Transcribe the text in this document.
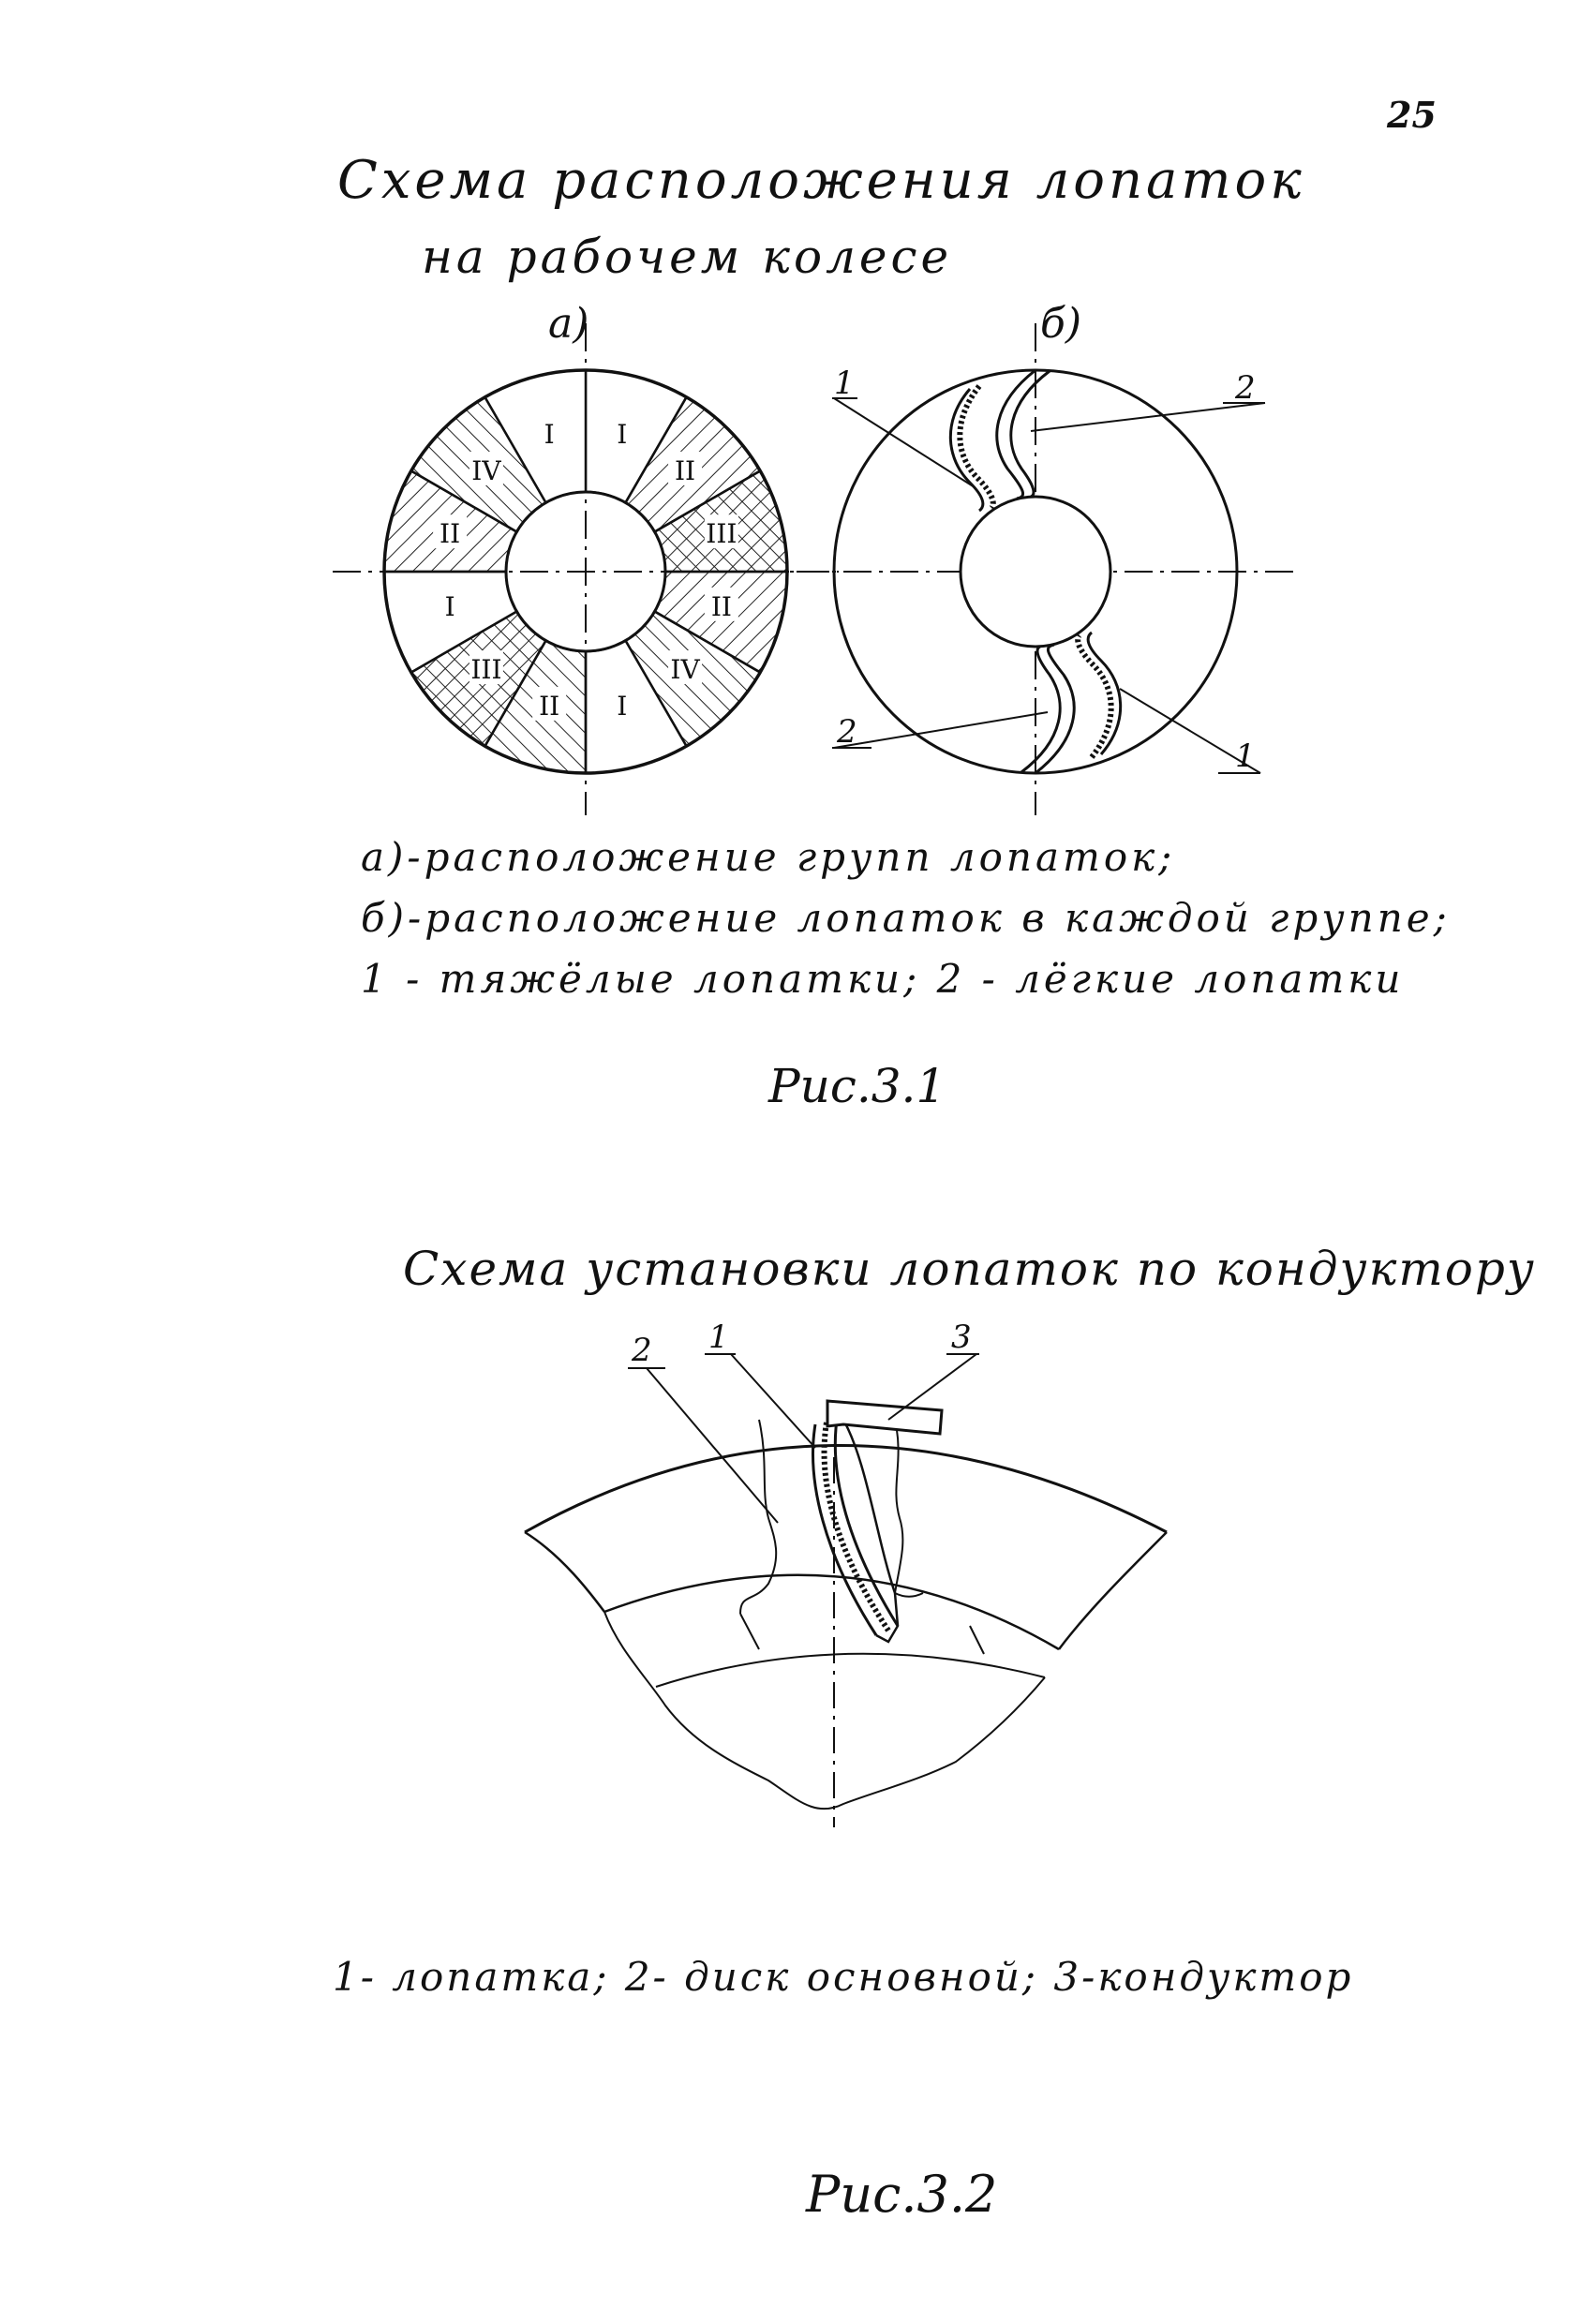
25
Схема расположения лопаток
на рабочем колесе
а)	б)
I
II
III
II
IV
I
II
III
I
II
IV
I
1	2
2
1
2 1	3
а)-расположение групп лопаток;
б)-расположение лопаток в каждой группе;
1 - тяжёлые лопатки; 2 - лёгкие лопатки
Рис.3.1
Схема установки лопаток по кондуктору
1- лопатка; 2- диск основной; 3-кондуктор
Рис.3.2
